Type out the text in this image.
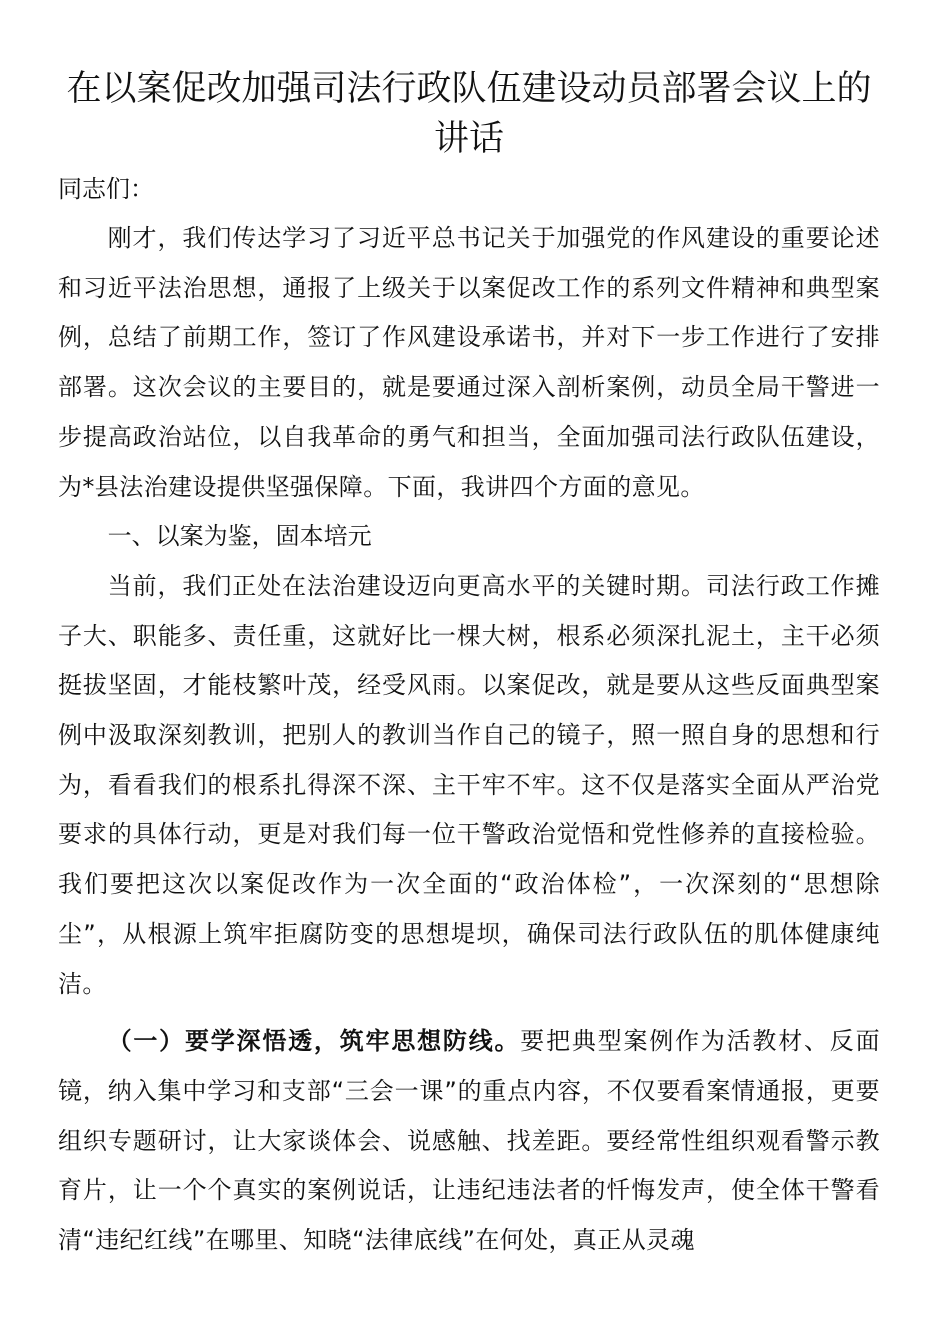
在以案促改加强司法行政队伍建设动员部署会议上的
讲话

同志们：

刚才，我们传达学习了习近平总书记关于加强党的作风建设的重要论述和习近平法治思想，通报了上级关于以案促改工作的系列文件精神和典型案例，总结了前期工作，签订了作风建设承诺书，并对下一步工作进行了安排部署。这次会议的主要目的，就是要通过深入剖析案例，动员全局干警进一步提高政治站位，以自我革命的勇气和担当，全面加强司法行政队伍建设，为*县法治建设提供坚强保障。下面，我讲四个方面的意见。

一、以案为鉴，固本培元

当前，我们正处在法治建设迈向更高水平的关键时期。司法行政工作摊子大、职能多、责任重，这就好比一棵大树，根系必须深扎泥土，主干必须挺拔坚固，才能枝繁叶茂，经受风雨。以案促改，就是要从这些反面典型案例中汲取深刻教训，把别人的教训当作自己的镜子，照一照自身的思想和行为，看看我们的根系扎得深不深、主干牢不牢。这不仅是落实全面从严治党要求的具体行动，更是对我们每一位干警政治觉悟和党性修养的直接检验。我们要把这次以案促改作为一次全面的“政治体检”，一次深刻的“思想除尘”，从根源上筑牢拒腐防变的思想堤坝，确保司法行政队伍的肌体健康纯洁。

（一）要学深悟透，筑牢思想防线。要把典型案例作为活教材、反面镜，纳入集中学习和支部“三会一课”的重点内容，不仅要看案情通报，更要组织专题研讨，让大家谈体会、说感触、找差距。要经常性组织观看警示教育片，让一个个真实的案例说话，让违纪违法者的忏悔发声，使全体干警看清“违纪红线”在哪里、知晓“法律底线”在何处，真正从灵魂
